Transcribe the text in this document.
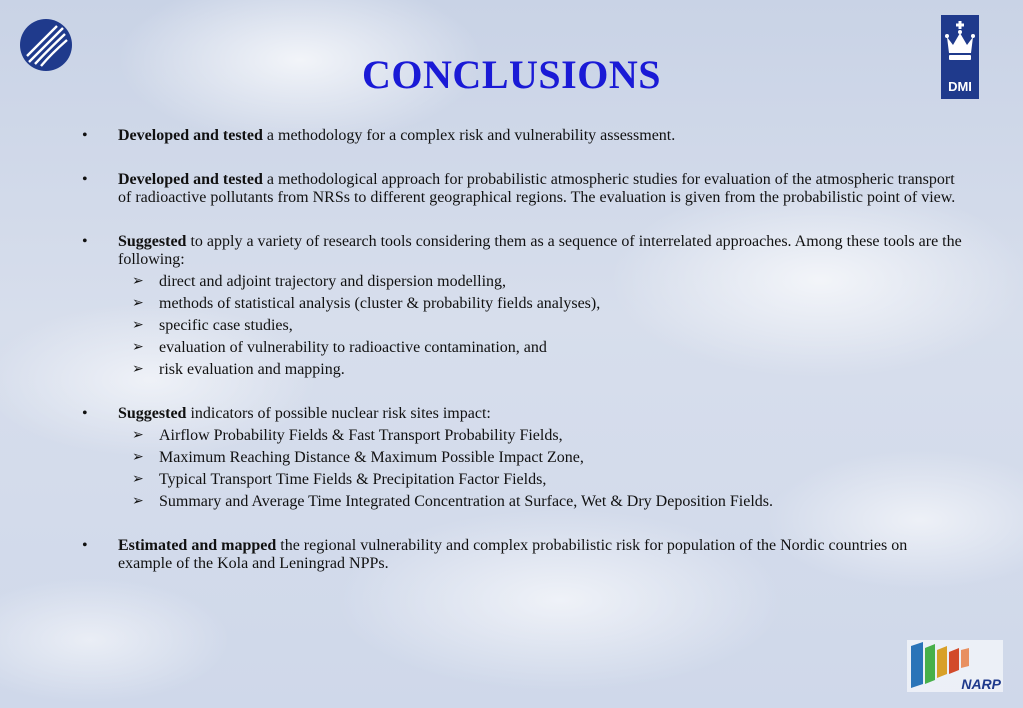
DMI
CONCLUSIONS
•	Developed and tested a methodology for a complex risk and vulnerability assessment.
•	Developed and tested a methodological approach for probabilistic atmospheric studies for evaluation of the atmospheric transport of radioactive pollutants from NRSs to different geographical regions. The evaluation is given from the probabilistic point of view.
•	Suggested to apply a variety of research tools considering them as a sequence of interrelated approaches. Among these tools are the following:
➢ direct and adjoint trajectory and dispersion modelling,
➢ methods of statistical analysis (cluster & probability fields analyses),
➢ specific case studies,
➢ evaluation of vulnerability to radioactive contamination, and
➢ risk evaluation and mapping.
•	Suggested indicators of possible nuclear risk sites impact:
➢ Airflow Probability Fields & Fast Transport Probability Fields,
➢ Maximum Reaching Distance & Maximum Possible Impact Zone,
➢ Typical Transport Time Fields & Precipitation Factor Fields,
➢ Summary and Average Time Integrated Concentration at Surface, Wet & Dry Deposition Fields.
•	Estimated and mapped the regional vulnerability and complex probabilistic risk for population of the Nordic countries on example of the Kola and Leningrad NPPs.
NARP
